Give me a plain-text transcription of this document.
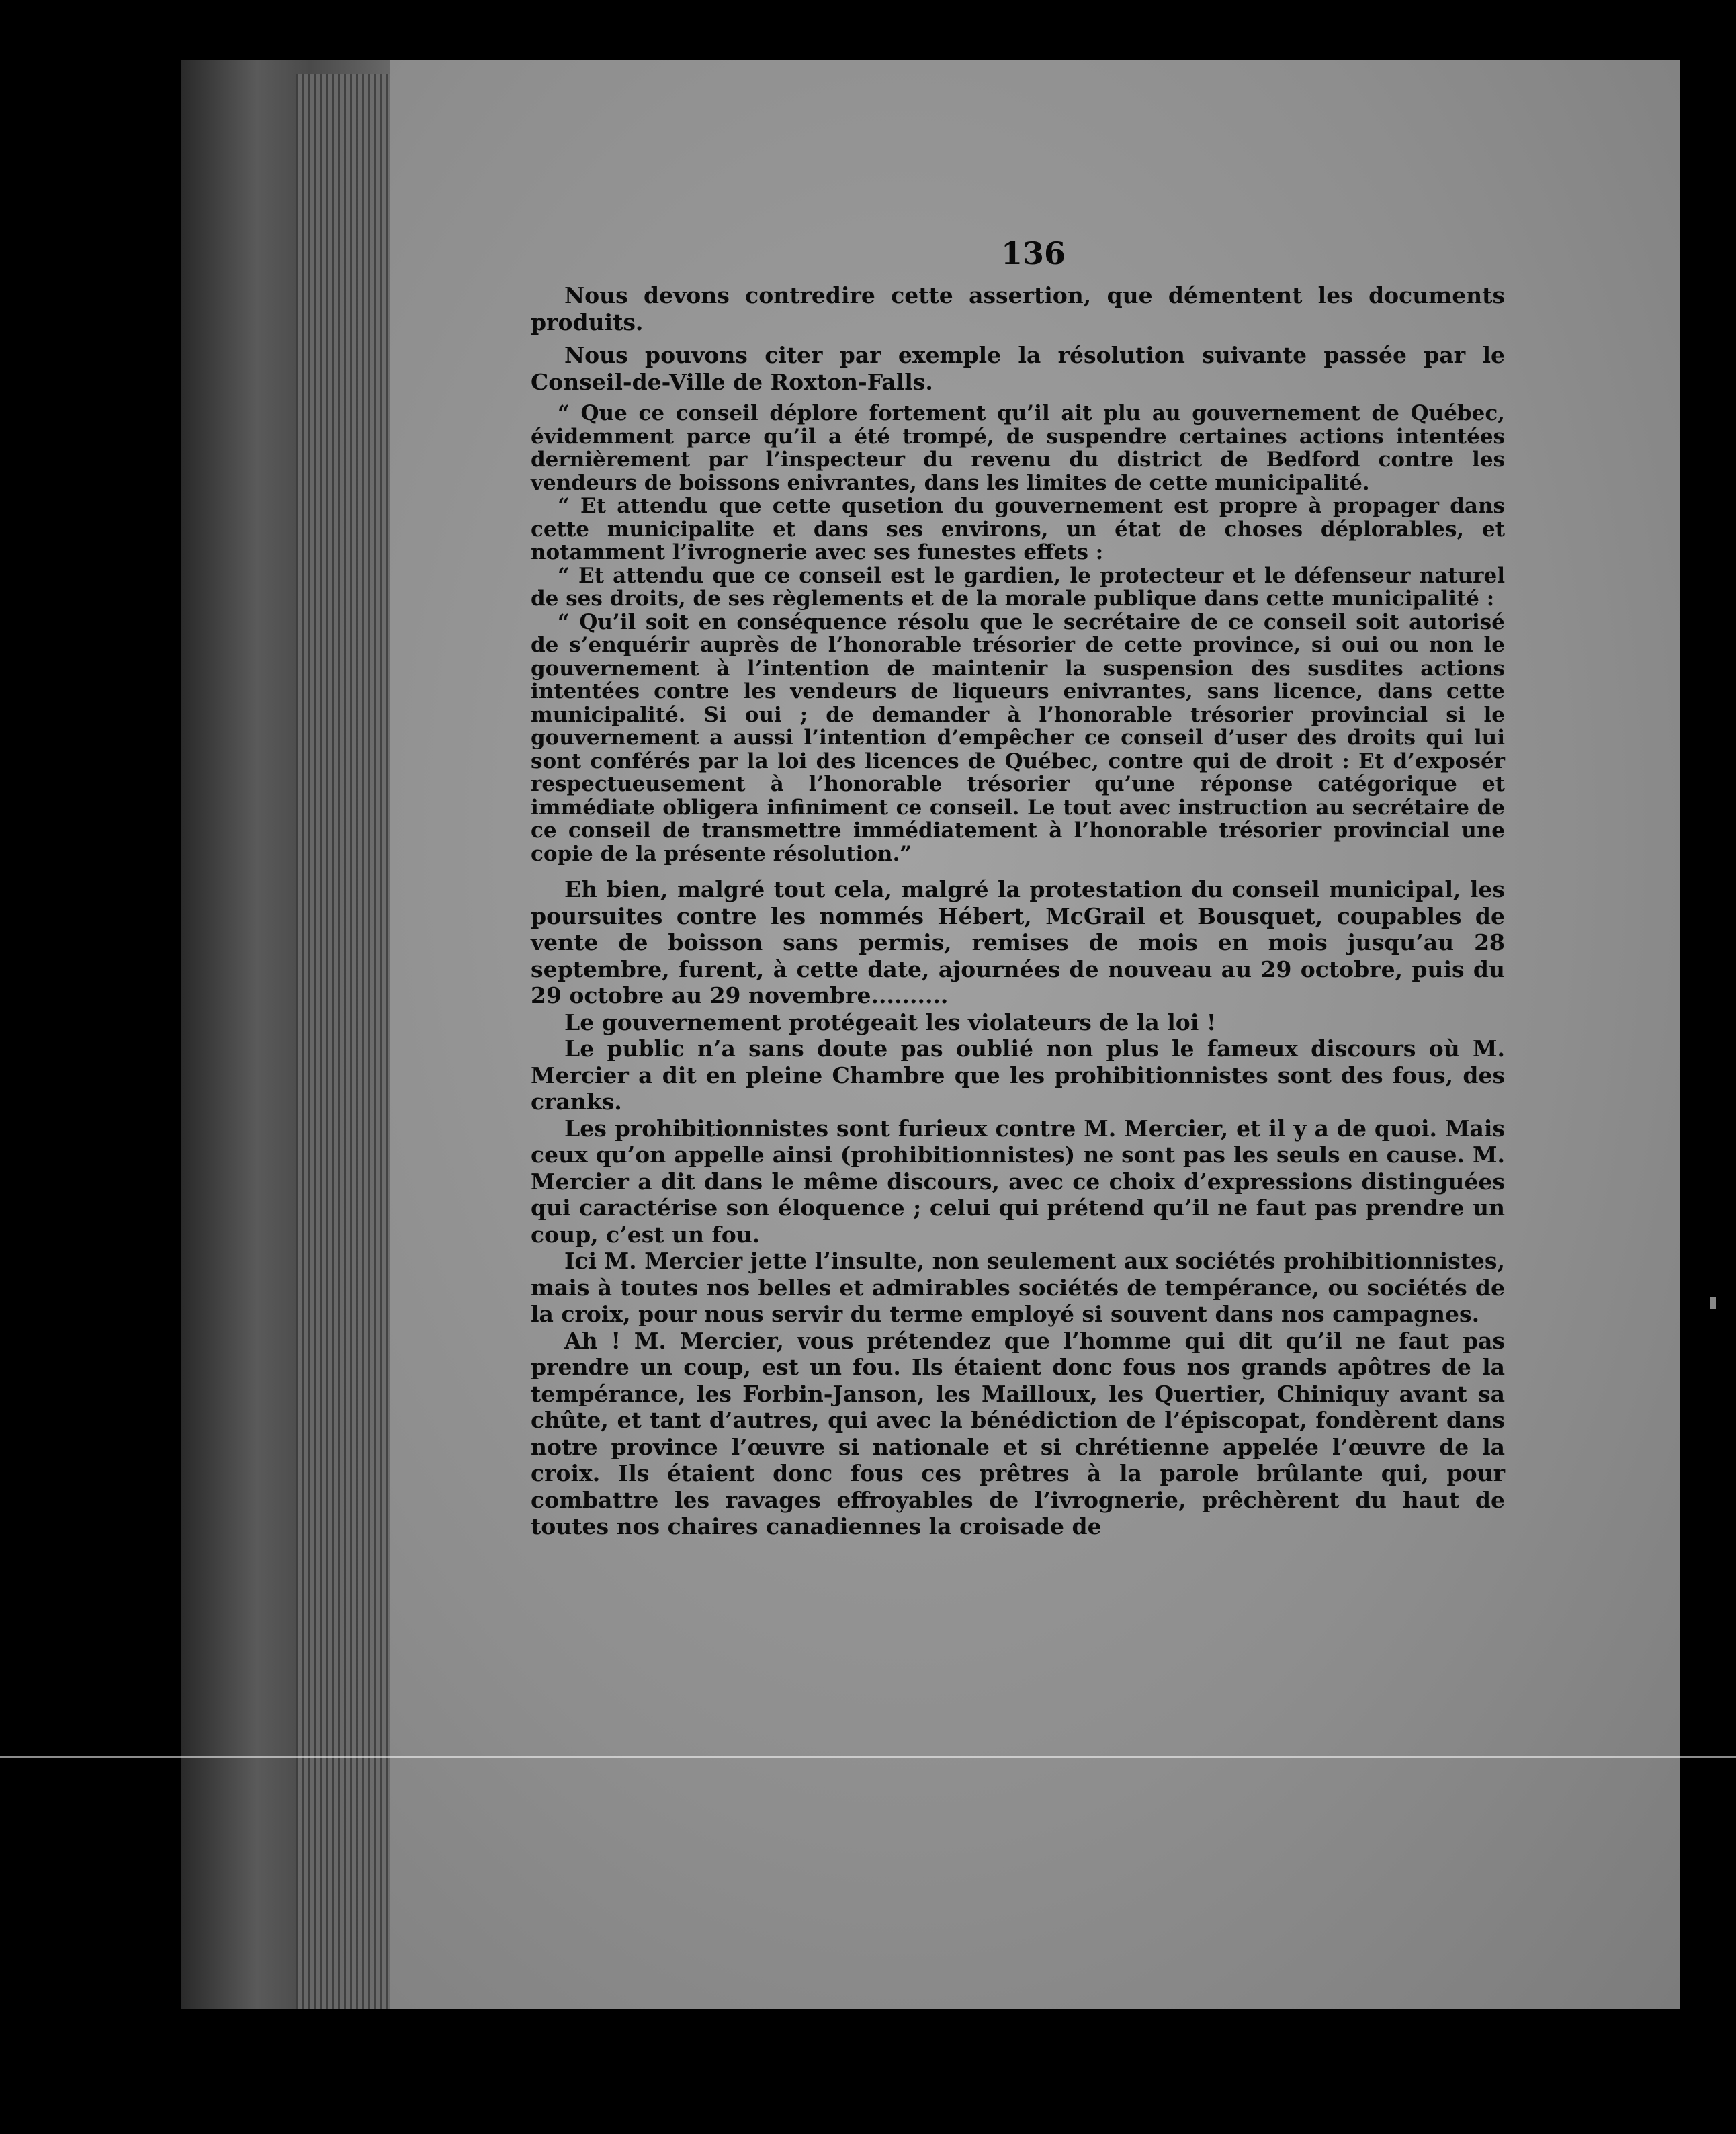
136

Nous devons contredire cette assertion, que démentent les documents produits.

Nous pouvons citer par exemple la résolution suivante passée par le Conseil-de-Ville de Roxton-Falls.

“ Que ce conseil déplore fortement qu’il ait plu au gouvernement de Québec, évidemment parce qu’il a été trompé, de suspendre certaines actions intentées dernièrement par l’inspecteur du revenu du district de Bedford contre les vendeurs de boissons enivrantes, dans les limites de cette municipalité.

“ Et attendu que cette qusetion du gouvernement est propre à propager dans cette municipalite et dans ses environs, un état de choses déplorables, et notamment l’ivrognerie avec ses funestes effets :

“ Et attendu que ce conseil est le gardien, le protecteur et le défenseur naturel de ses droits, de ses règlements et de la morale publique dans cette municipalité :

“ Qu’il soit en conséquence résolu que le secrétaire de ce conseil soit autorisé de s’enquérir auprès de l’honorable trésorier de cette province, si oui ou non le gouvernement à l’intention de maintenir la suspension des susdites actions intentées contre les vendeurs de liqueurs enivrantes, sans licence, dans cette municipalité. Si oui ; de demander à l’honorable trésorier provincial si le gouvernement a aussi l’intention d’empêcher ce conseil d’user des droits qui lui sont conférés par la loi des licences de Québec, contre qui de droit : Et d’exposér respectueusement à l’honorable trésorier qu’une réponse catégorique et immédiate obligera infiniment ce conseil. Le tout avec instruction au secrétaire de ce conseil de transmettre immédiatement à l’honorable trésorier provincial une copie de la présente résolution.”

Eh bien, malgré tout cela, malgré la protestation du conseil municipal, les poursuites contre les nommés Hébert, McGrail et Bousquet, coupables de vente de boisson sans permis, remises de mois en mois jusqu’au 28 septembre, furent, à cette date, ajournées de nouveau au 29 octobre, puis du 29 octobre au 29 novembre..........

Le gouvernement protégeait les violateurs de la loi !

Le public n’a sans doute pas oublié non plus le fameux discours où M. Mercier a dit en pleine Chambre que les prohibitionnistes sont des fous, des cranks.

Les prohibitionnistes sont furieux contre M. Mercier, et il y a de quoi. Mais ceux qu’on appelle ainsi (prohibitionnistes) ne sont pas les seuls en cause. M. Mercier a dit dans le même discours, avec ce choix d’expressions distinguées qui caractérise son éloquence ; celui qui prétend qu’il ne faut pas prendre un coup, c’est un fou.

Ici M. Mercier jette l’insulte, non seulement aux sociétés prohibitionnistes, mais à toutes nos belles et admirables sociétés de tempérance, ou sociétés de la croix, pour nous servir du terme employé si souvent dans nos campagnes.

Ah ! M. Mercier, vous prétendez que l’homme qui dit qu’il ne faut pas prendre un coup, est un fou. Ils étaient donc fous nos grands apôtres de la tempérance, les Forbin-Janson, les Mailloux, les Quertier, Chiniquy avant sa chûte, et tant d’autres, qui avec la bénédiction de l’épiscopat, fondèrent dans notre province l’œuvre si nationale et si chrétienne appelée l’œuvre de la croix. Ils étaient donc fous ces prêtres à la parole brûlante qui, pour combattre les ravages effroyables de l’ivrognerie, prêchèrent du haut de toutes nos chaires canadiennes la croisade de
